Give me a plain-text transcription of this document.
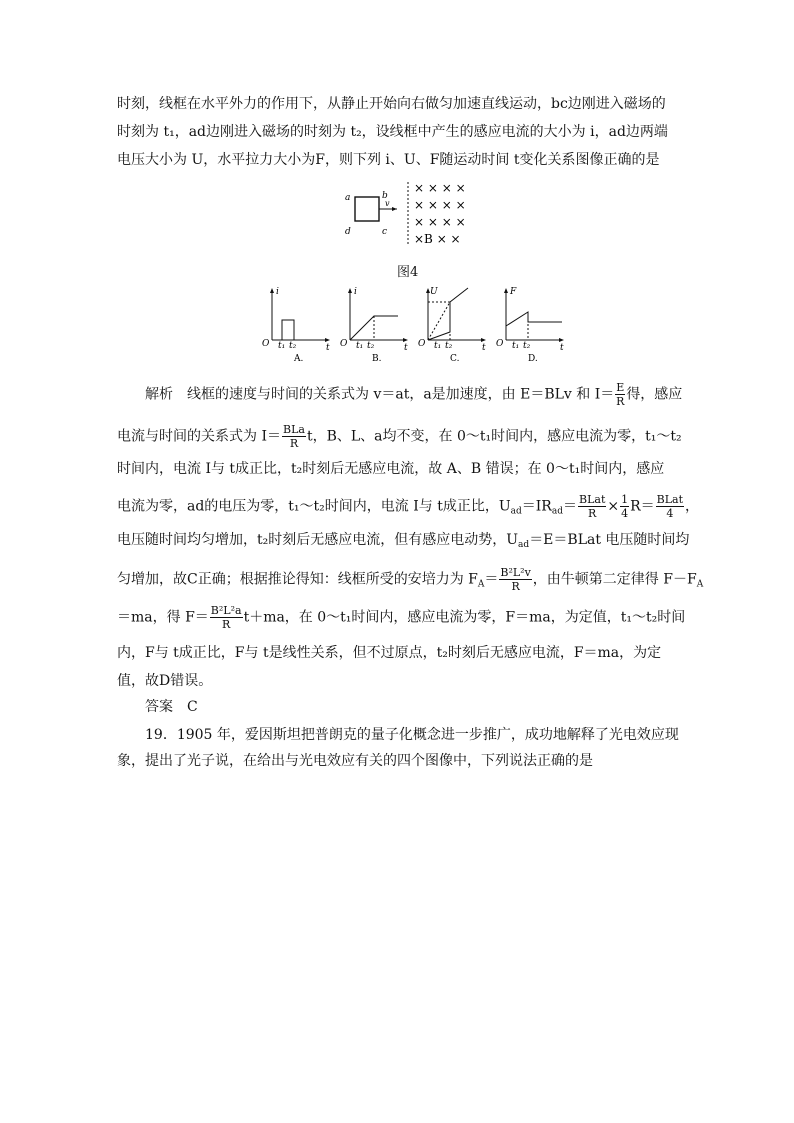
时刻，线框在水平外力的作用下，从静止开始向右做匀加速直线运动，bc边刚进入磁场的
时刻为 t₁，ad边刚进入磁场的时刻为 t₂，设线框中产生的感应电流的大小为 i，ad边两端
电压大小为 U，水平拉力大小为F，则下列 i、U、F随运动时间 t变化关系图像正确的是
a	b
c
d
v
× × × ×
× × × ×
× × × ×
×B × ×
图4
i
O t₁ t₂	t
A.
i
O t₁ t₂	t
B.
U
O t₁ t₂	t
C.
F
O t₁ t₂	t
D.
解析　线框的速度与时间的关系式为 v＝at，a是加速度，由 E＝BLv 和 $I= \frac{E}{R}$ 得，感应
电流与时间的关系式为 $I= \frac{\text{BLa}}{R}$ t，B、L、a均不变，在 0～t₁时间内，感应电流为零，t₁～t₂
时间内，电流 I与 t成正比，t₂时刻后无感应电流，故 A、B 错误；在 0～t₁时间内，感应
电流为零，ad的电压为零，t₁～t₂时间内，电流 I与 t成正比，$U_{ad}=IR_{ad}= \frac{\text{BLat}}{R} \times \frac{1}{4} R= \frac{\text{BLat}}{4}$ ，
电压随时间均匀增加，t₂时刻后无感应电流，但有感应电动势，$U_{ad}=E=BLat$ 电压随时间均
匀增加，故C正确；根据推论得知：线框所受的安培力为 $F_A= \frac{\text{B²L²v}}{R}$ ，由牛顿第二定律得 $F-F_A$
＝ma，得 $F= \frac{\text{B²L²a}}{R} t+ma$，在 0～t₁时间内，感应电流为零，F＝ma，为定值，t₁～t₂时间
内，F与 t成正比，F与 t是线性关系，但不过原点，t₂时刻后无感应电流，F＝ma，为定
值，故D错误。
答案　C
19．1905 年，爱因斯坦把普朗克的量子化概念进一步推广，成功地解释了光电效应现
象，提出了光子说，在给出与光电效应有关的四个图像中，下列说法正确的是
